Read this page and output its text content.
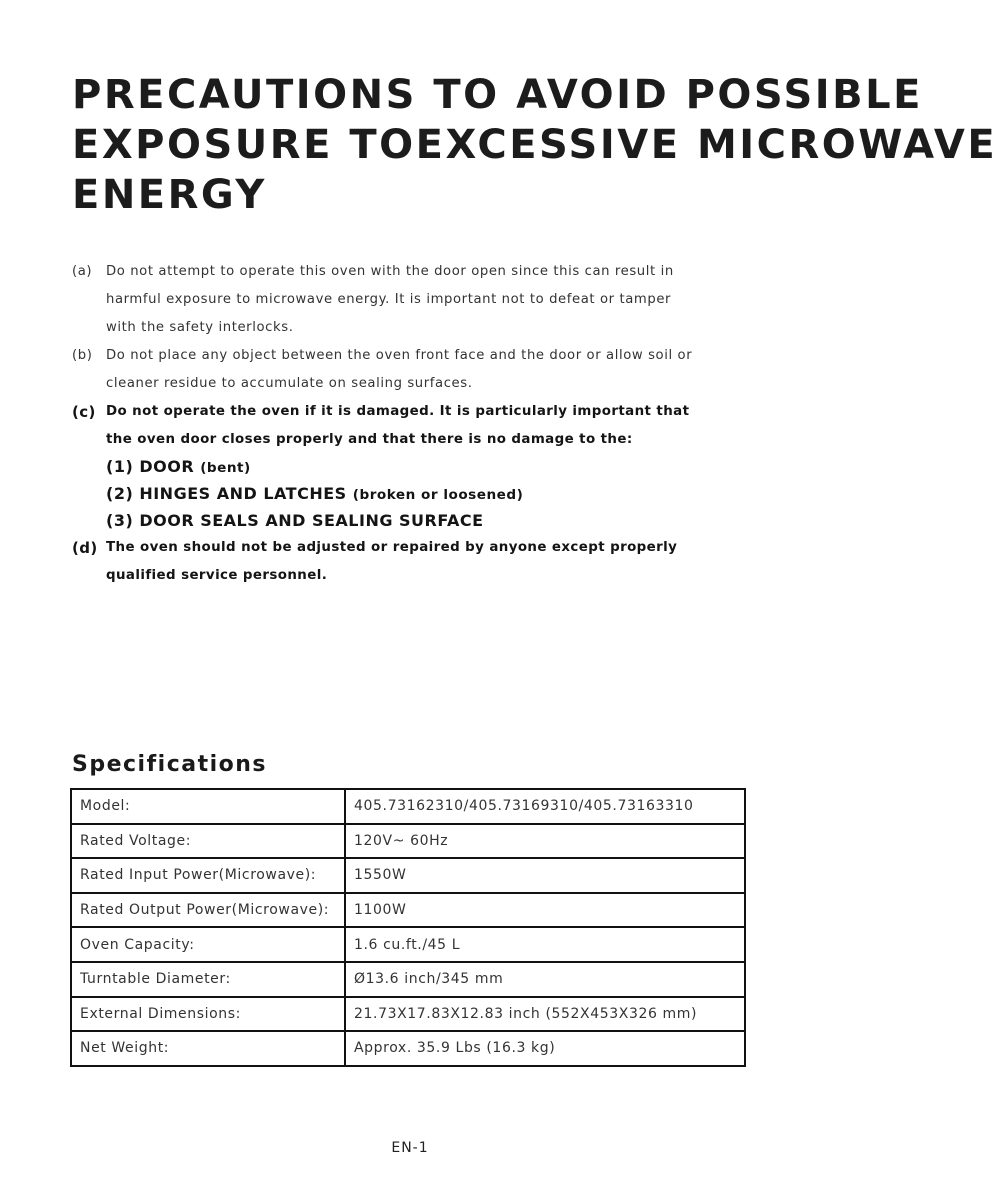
PRECAUTIONS TO AVOID POSSIBLE
EXPOSURE TOEXCESSIVE MICROWAVE
ENERGY
(a)	Do not attempt to operate this oven with the door open since this can result in
harmful exposure to microwave energy. It is important not to defeat or tamper
with the safety interlocks.
(b)	Do not place any object between the oven front face and the door or allow soil or
cleaner residue to accumulate on sealing surfaces.
(c) Do not operate the oven if it is damaged. It is particularly important that
the oven door closes properly and that there is no damage to the:
(1) DOOR (bent)
(2) HINGES AND LATCHES (broken or loosened)
(3) DOOR SEALS AND SEALING SURFACE
(d) The oven should not be adjusted or repaired by anyone except properly
qualified service personnel.
Specifications
Model:	405.73162310/405.73169310/405.73163310
Rated Voltage:	120V~ 60Hz
Rated Input Power(Microwave):	1550W
Rated Output Power(Microwave):	1100W
Oven Capacity:	1.6 cu.ft./45 L
Turntable Diameter:	Ø13.6 inch/345 mm
External Dimensions:	21.73X17.83X12.83 inch (552X453X326 mm)
Net Weight:	Approx. 35.9 Lbs (16.3 kg)
EN-1
